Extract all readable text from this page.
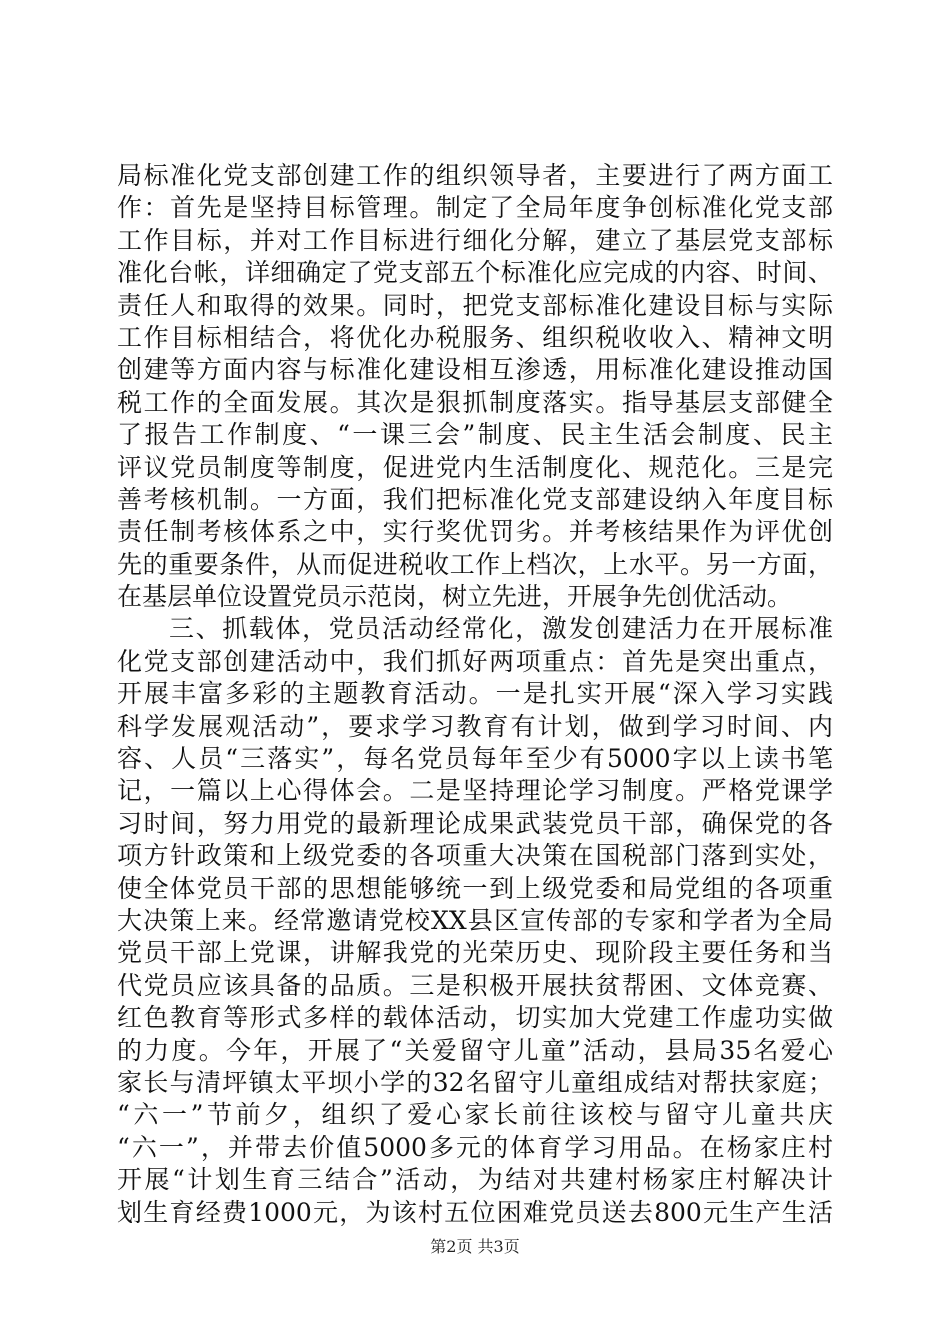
局标准化党支部创建工作的组织领导者，主要进行了两方面工
作：首先是坚持目标管理。制定了全局年度争创标准化党支部
工作目标，并对工作目标进行细化分解，建立了基层党支部标
准化台帐，详细确定了党支部五个标准化应完成的内容、时间、
责任人和取得的效果。同时，把党支部标准化建设目标与实际
工作目标相结合，将优化办税服务、组织税收收入、精神文明
创建等方面内容与标准化建设相互渗透，用标准化建设推动国
税工作的全面发展。其次是狠抓制度落实。指导基层支部健全
了报告工作制度、“一课三会”制度、民主生活会制度、民主
评议党员制度等制度，促进党内生活制度化、规范化。三是完
善考核机制。一方面，我们把标准化党支部建设纳入年度目标
责任制考核体系之中，实行奖优罚劣。并考核结果作为评优创
先的重要条件，从而促进税收工作上档次，上水平。另一方面，
在基层单位设置党员示范岗，树立先进，开展争先创优活动。
三、抓载体，党员活动经常化，激发创建活力在开展标准
化党支部创建活动中，我们抓好两项重点：首先是突出重点，
开展丰富多彩的主题教育活动。一是扎实开展“深入学习实践
科学发展观活动”，要求学习教育有计划，做到学习时间、内
容、人员“三落实”，每名党员每年至少有5000字以上读书笔
记，一篇以上心得体会。二是坚持理论学习制度。严格党课学
习时间，努力用党的最新理论成果武装党员干部，确保党的各
项方针政策和上级党委的各项重大决策在国税部门落到实处，
使全体党员干部的思想能够统一到上级党委和局党组的各项重
大决策上来。经常邀请党校XX县区宣传部的专家和学者为全局
党员干部上党课，讲解我党的光荣历史、现阶段主要任务和当
代党员应该具备的品质。三是积极开展扶贫帮困、文体竞赛、
红色教育等形式多样的载体活动，切实加大党建工作虚功实做
的力度。今年，开展了“关爱留守儿童”活动，县局35名爱心
家长与清坪镇太平坝小学的32名留守儿童组成结对帮扶家庭；
“六一”节前夕，组织了爱心家长前往该校与留守儿童共庆
“六一”，并带去价值5000多元的体育学习用品。在杨家庄村
开展“计划生育三结合”活动，为结对共建村杨家庄村解决计
划生育经费1000元，为该村五位困难党员送去800元生产生活
第2页 共3页
